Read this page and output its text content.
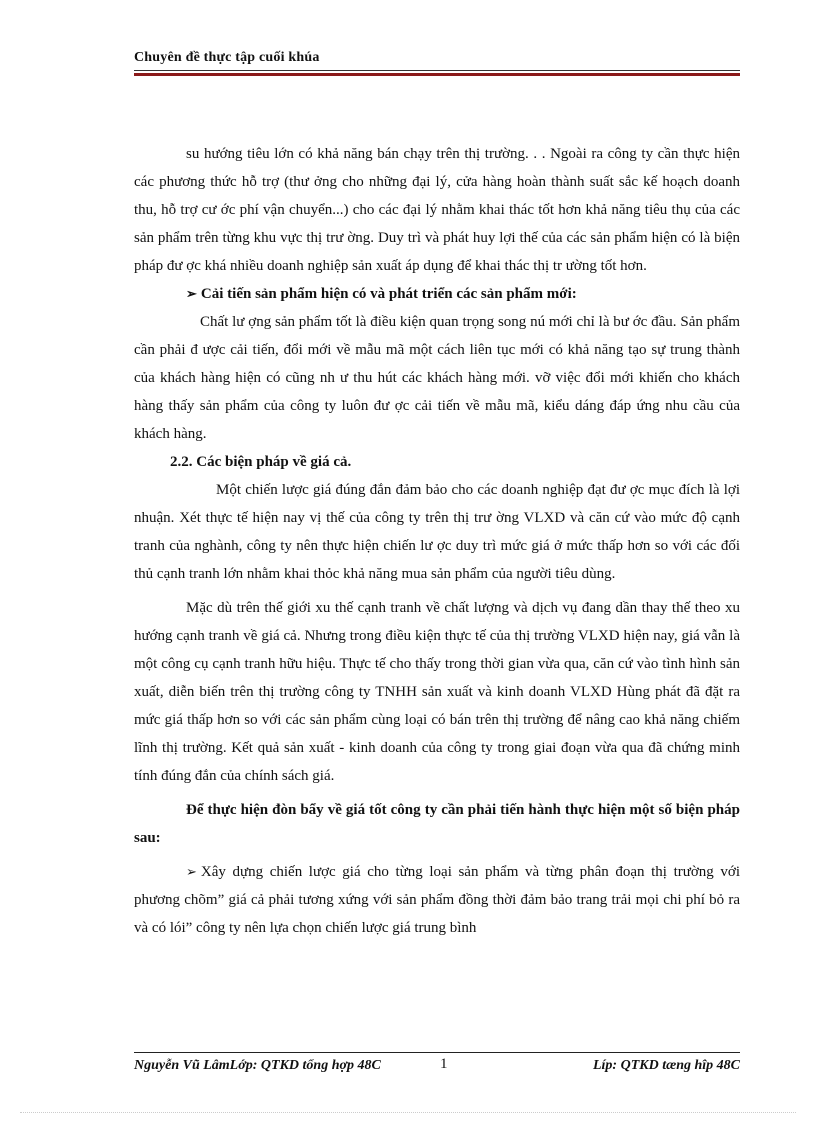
Chuyên đề thực tập cuối khúa

su hướng tiêu lớn có khả năng bán chạy trên thị trường. . . Ngoài ra công ty cần thực hiện các phương thức hỗ trợ (thư ởng cho những đại lý, cửa hàng hoàn thành suất sắc kế hoạch doanh thu, hỗ trợ cư ớc phí vận chuyển...) cho các đại lý nhằm khai thác tốt hơn khả năng tiêu thụ của các sản phẩm trên từng khu vực thị trư ờng. Duy trì và phát huy lợi thế của các sản phẩm hiện có là biện pháp đư ợc khá nhiều doanh nghiệp sản xuất áp dụng để khai thác thị tr ường tốt hơn.

➢ Cải tiến sản phẩm hiện có và phát triển các sản phẩm mới:

Chất lư ợng sản phẩm tốt là điều kiện quan trọng song nú mới chỉ là bư ớc đầu. Sản phẩm cần phải đ ược cải tiến, đổi mới về mẫu mã một cách liên tục mới có khả năng tạo sự trung thành của khách hàng hiện có cũng nh ư thu hút các khách hàng mới. vỡ việc đổi mới khiến cho khách hàng thấy sản phẩm của công ty luôn đư ợc cải tiến về mẫu mã, kiểu dáng đáp ứng nhu cầu của khách hàng.

2.2. Các biện pháp về giá cả.

Một chiến lược giá đúng đắn đảm bảo cho các doanh nghiệp đạt đư ợc mục đích là lợi nhuận. Xét thực tế hiện nay vị thế của công ty trên thị trư ờng VLXD và căn cứ vào mức độ cạnh tranh của nghành, công ty nên thực hiện chiến lư ợc duy trì mức giá ở mức thấp hơn so với các đối thủ cạnh tranh lớn nhằm khai thỏc khả năng mua sản phẩm của người tiêu dùng.

Mặc dù trên thế giới xu thế cạnh tranh về chất lượng và dịch vụ đang dần thay thế theo xu hướng cạnh tranh về giá cả. Nhưng trong điều kiện thực tế của thị trường VLXD hiện nay, giá vẫn là một công cụ cạnh tranh hữu hiệu. Thực tế cho thấy trong thời gian vừa qua, căn cứ vào tình hình sản xuất, diễn biến trên thị trường công ty TNHH sản xuất và kinh doanh VLXD Hùng phát đã đặt ra mức giá thấp hơn so với các sản phẩm cùng loại có bán trên thị trường để nâng cao khả năng chiếm lĩnh thị trường. Kết quả sản xuất - kinh doanh của công ty trong giai đoạn vừa qua đã chứng minh tính đúng đắn của chính sách giá.

Để thực hiện đòn bẩy về giá tốt công ty cần phải tiến hành thực hiện một số biện pháp sau:

➢ Xây dựng chiến lược giá cho từng loại sản phẩm và từng phân đoạn thị trường với phương chõm” giá cả phải tương xứng với sản phẩm đồng thời đảm bảo trang trải mọi chi phí bỏ ra và có lói” công ty nên lựa chọn chiến lược giá trung bình

Nguyễn Vũ LâmLớp: QTKD tổng hợp 48C	1	Líp: QTKD tæng hîp 48C
